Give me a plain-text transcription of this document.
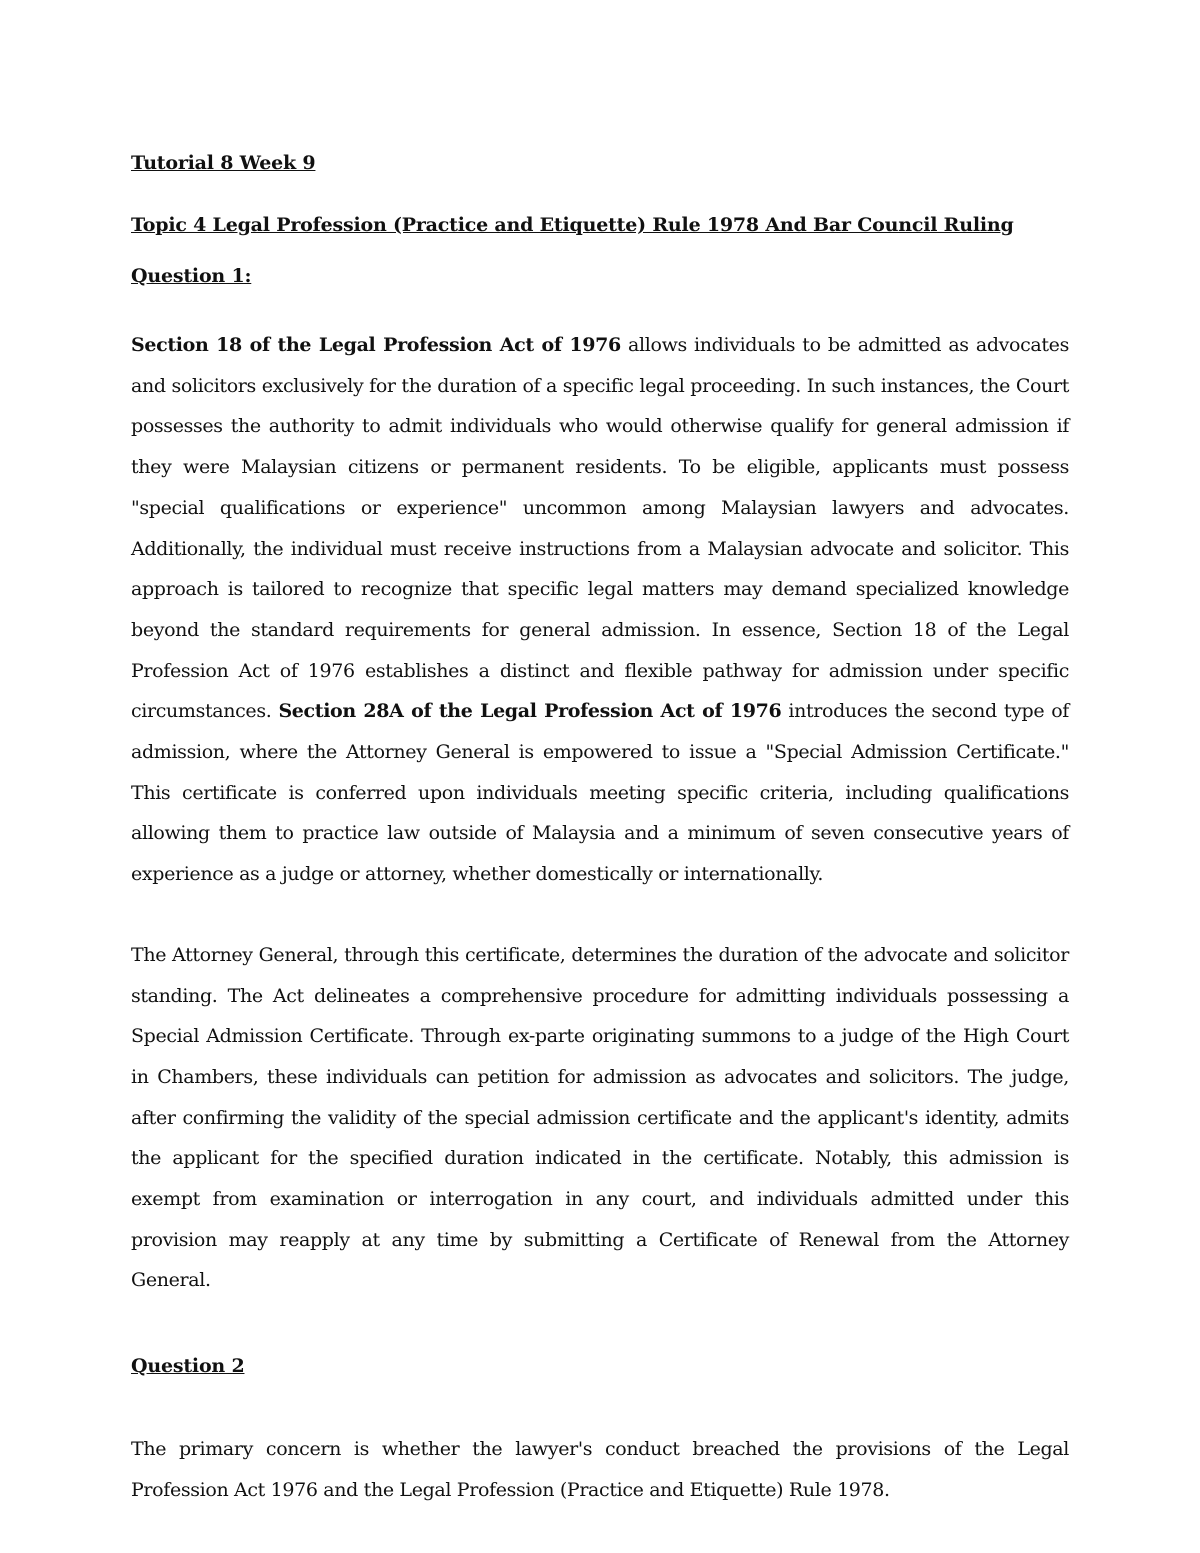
Tutorial 8 Week 9

Topic 4 Legal Profession (Practice and Etiquette) Rule 1978 And Bar Council Ruling

Question 1:

Section 18 of the Legal Profession Act of 1976 allows individuals to be admitted as advocates and solicitors exclusively for the duration of a specific legal proceeding. In such instances, the Court possesses the authority to admit individuals who would otherwise qualify for general admission if they were Malaysian citizens or permanent residents. To be eligible, applicants must possess "special qualifications or experience" uncommon among Malaysian lawyers and advocates. Additionally, the individual must receive instructions from a Malaysian advocate and solicitor. This approach is tailored to recognize that specific legal matters may demand specialized knowledge beyond the standard requirements for general admission. In essence, Section 18 of the Legal Profession Act of 1976 establishes a distinct and flexible pathway for admission under specific circumstances. Section 28A of the Legal Profession Act of 1976 introduces the second type of admission, where the Attorney General is empowered to issue a "Special Admission Certificate." This certificate is conferred upon individuals meeting specific criteria, including qualifications allowing them to practice law outside of Malaysia and a minimum of seven consecutive years of experience as a judge or attorney, whether domestically or internationally.

The Attorney General, through this certificate, determines the duration of the advocate and solicitor standing. The Act delineates a comprehensive procedure for admitting individuals possessing a Special Admission Certificate. Through ex-parte originating summons to a judge of the High Court in Chambers, these individuals can petition for admission as advocates and solicitors. The judge, after confirming the validity of the special admission certificate and the applicant's identity, admits the applicant for the specified duration indicated in the certificate. Notably, this admission is exempt from examination or interrogation in any court, and individuals admitted under this provision may reapply at any time by submitting a Certificate of Renewal from the Attorney General.

Question 2

The primary concern is whether the lawyer's conduct breached the provisions of the Legal Profession Act 1976 and the Legal Profession (Practice and Etiquette) Rule 1978.
